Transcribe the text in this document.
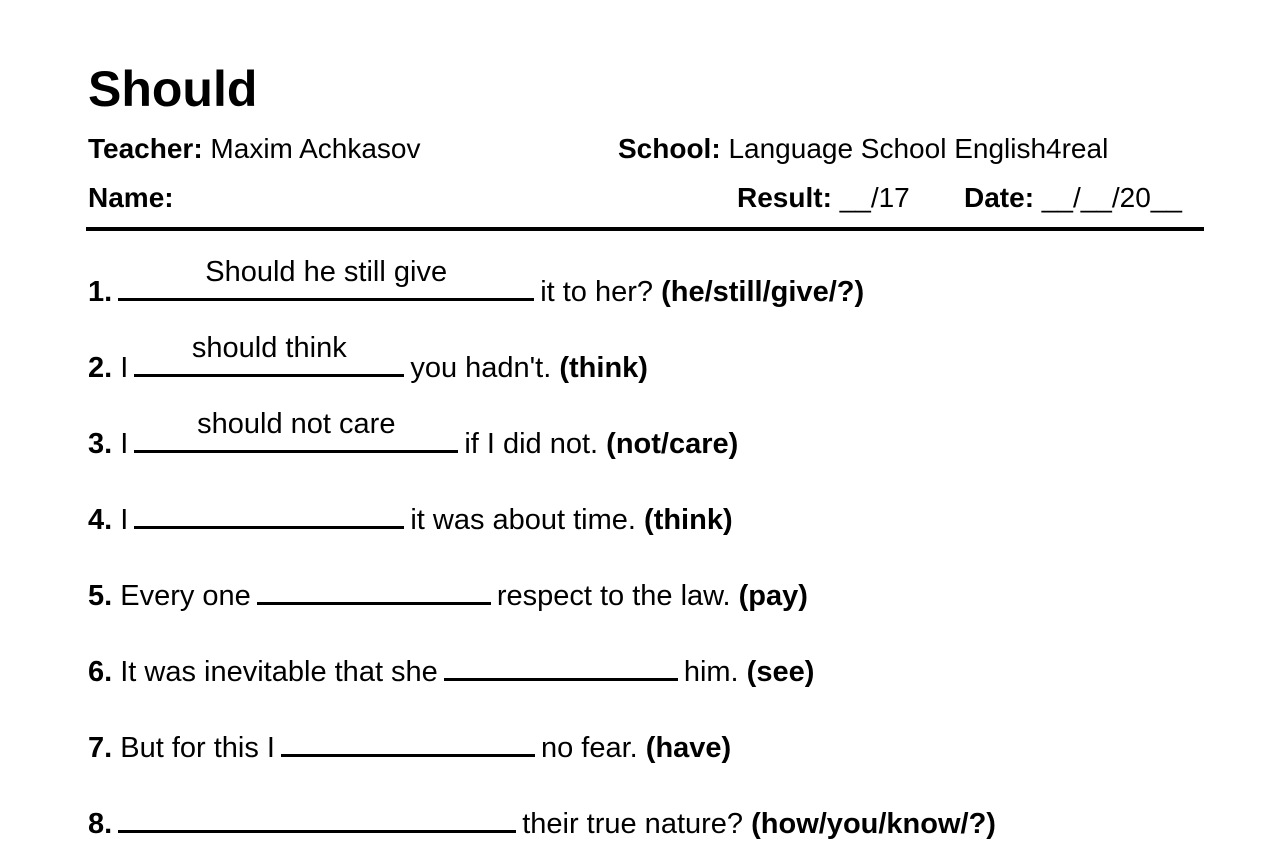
Should
Teacher: Maxim Achkasov	School: Language School English4real
Name:	Result: __/17 Date: __/__/20__
1.
Should he still give
it to her? (he/still/give/?)
2. I
should think
you hadn't. (think)
3. I
should not care
if I did not. (not/care)
4. I	it was about time. (think)
5. Every one	respect to the law. (pay)
6. It was inevitable that she	him. (see)
7. But for this I	no fear. (have)
8.	their true nature? (how/you/know/?)
